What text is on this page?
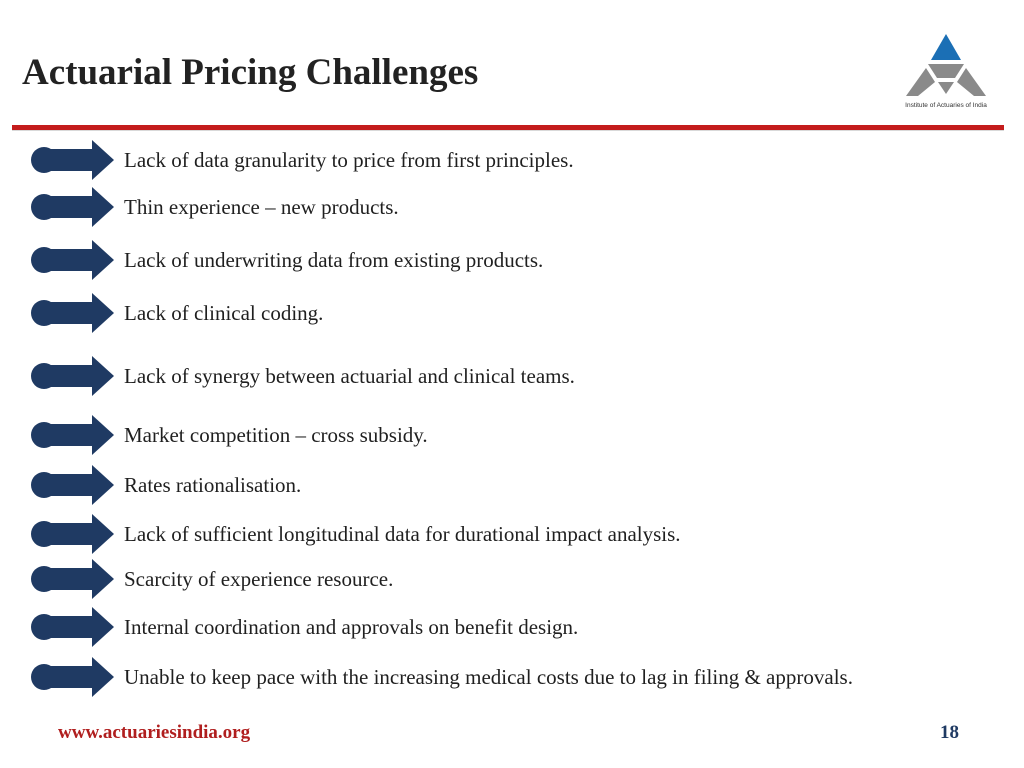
Actuarial Pricing Challenges
Institute of Actuaries of India
Lack of data granularity to price from first principles.
Thin experience – new products.
Lack of underwriting data from existing products.
Lack of clinical coding.
Lack of synergy between actuarial and clinical teams.
Market competition – cross subsidy.
Rates rationalisation.
Lack of sufficient longitudinal data for durational impact analysis.
Scarcity of experience resource.
Internal coordination and approvals on benefit design.
Unable to keep pace with the increasing medical costs due to lag in filing & approvals.
www.actuariesindia.org	18
